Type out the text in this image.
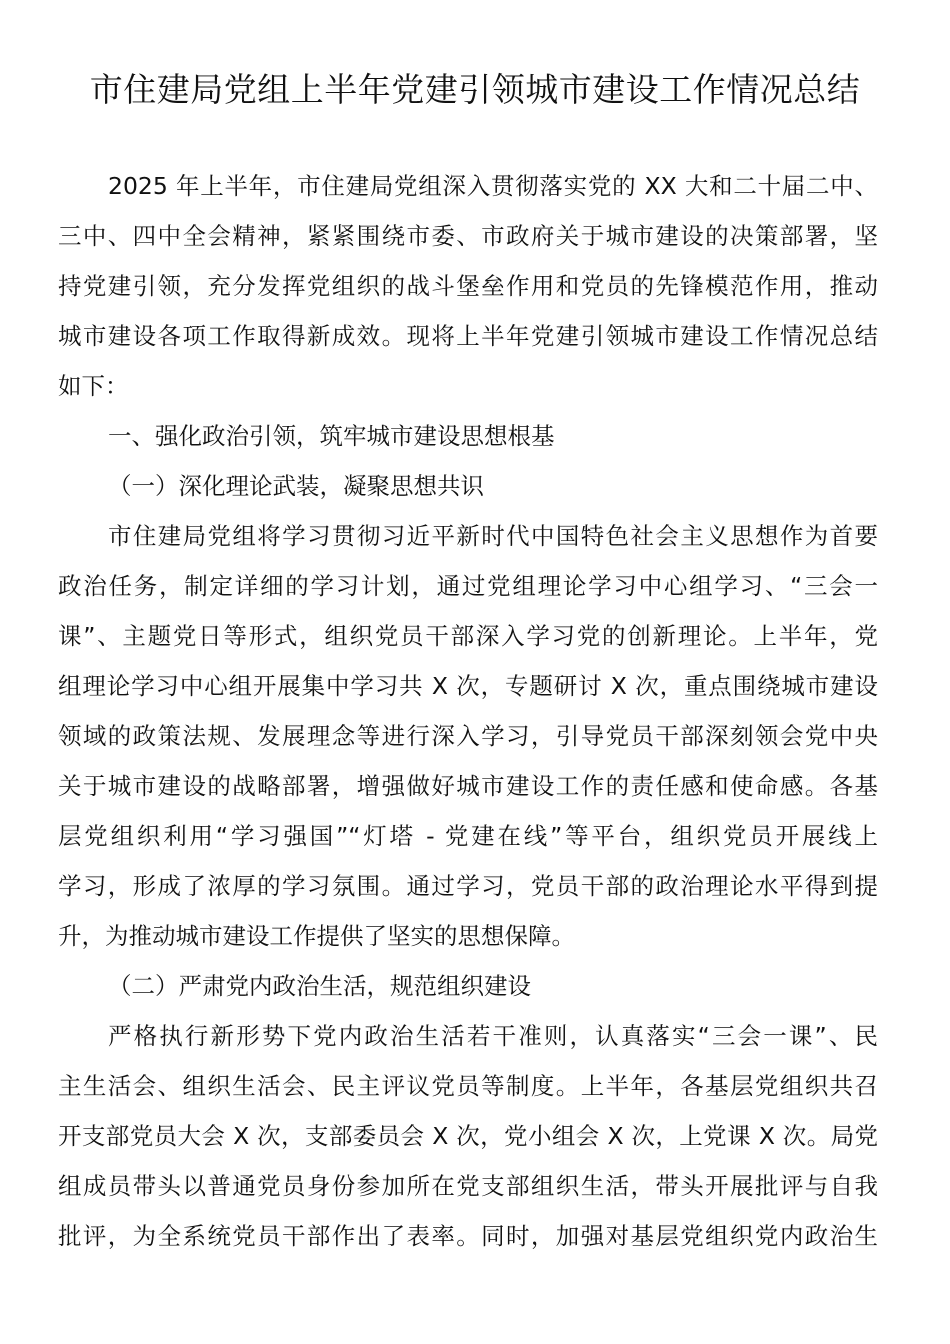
市住建局党组上半年党建引领城市建设工作情况总结
2025 年上半年，市住建局党组深入贯彻落实党的 XX 大和二十届二中、
三中、四中全会精神，紧紧围绕市委、市政府关于城市建设的决策部署，坚
持党建引领，充分发挥党组织的战斗堡垒作用和党员的先锋模范作用，推动
城市建设各项工作取得新成效。现将上半年党建引领城市建设工作情况总结
如下：
一、强化政治引领，筑牢城市建设思想根基
（一）深化理论武装，凝聚思想共识
市住建局党组将学习贯彻习近平新时代中国特色社会主义思想作为首要
政治任务，制定详细的学习计划，通过党组理论学习中心组学习、“三会一
课”、主题党日等形式，组织党员干部深入学习党的创新理论。上半年，党
组理论学习中心组开展集中学习共 X 次，专题研讨 X 次，重点围绕城市建设
领域的政策法规、发展理念等进行深入学习，引导党员干部深刻领会党中央
关于城市建设的战略部署，增强做好城市建设工作的责任感和使命感。各基
层党组织利用“学习强国”“灯塔 - 党建在线”等平台，组织党员开展线上
学习，形成了浓厚的学习氛围。通过学习，党员干部的政治理论水平得到提
升，为推动城市建设工作提供了坚实的思想保障。
（二）严肃党内政治生活，规范组织建设
严格执行新形势下党内政治生活若干准则，认真落实“三会一课”、民
主生活会、组织生活会、民主评议党员等制度。上半年，各基层党组织共召
开支部党员大会 X 次，支部委员会 X 次，党小组会 X 次，上党课 X 次。局党
组成员带头以普通党员身份参加所在党支部组织生活，带头开展批评与自我
批评，为全系统党员干部作出了表率。同时，加强对基层党组织党内政治生
